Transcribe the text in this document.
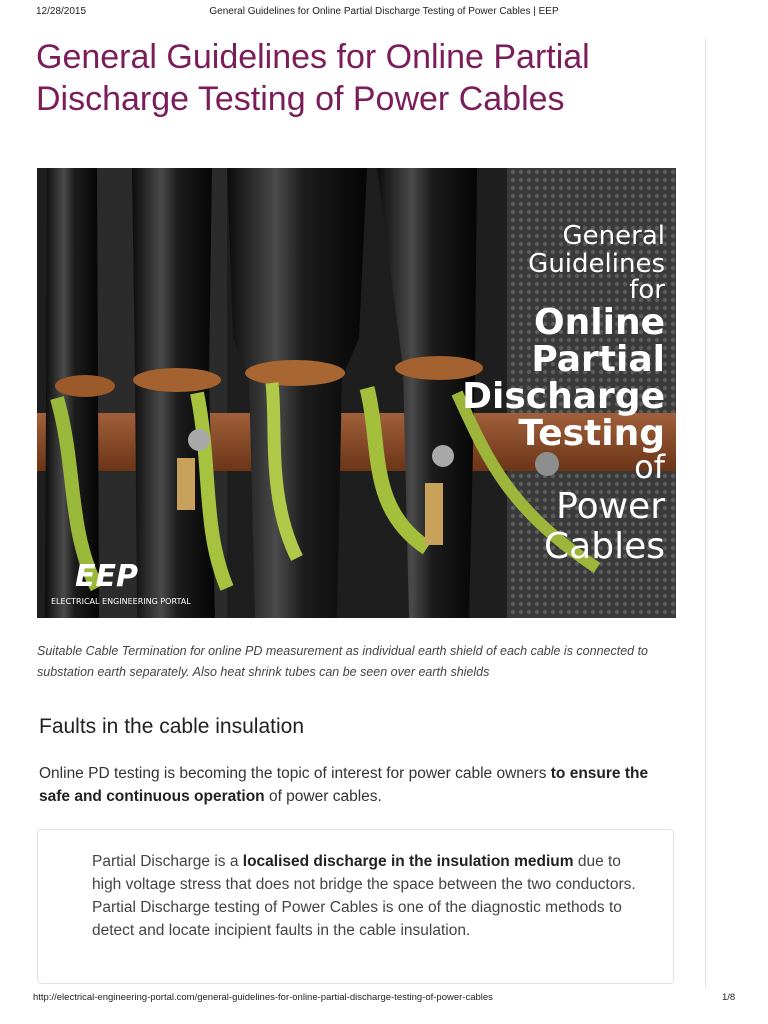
12/28/2015	General Guidelines for Online Partial Discharge Testing of Power Cables | EEP
General Guidelines for Online Partial Discharge Testing of Power Cables
General
Guidelines
for
Online
Partial
Discharge
Testing
of
Power
Cables
EEP
ELECTRICAL ENGINEERING PORTAL

Suitable Cable Termination for online PD measurement as individual earth shield of each cable is connected to substation earth separately. Also heat shrink tubes can be seen over earth shields

Faults in the cable insulation

Online PD testing is becoming the topic of interest for power cable owners to ensure the safe and continuous operation of power cables.

Partial Discharge is a localised discharge in the insulation medium due to high voltage stress that does not bridge the space between the two conductors. Partial Discharge testing of Power Cables is one of the diagnostic methods to detect and locate incipient faults in the cable insulation.

http://electrical-engineering-portal.com/general-guidelines-for-online-partial-discharge-testing-of-power-cables	1/8
